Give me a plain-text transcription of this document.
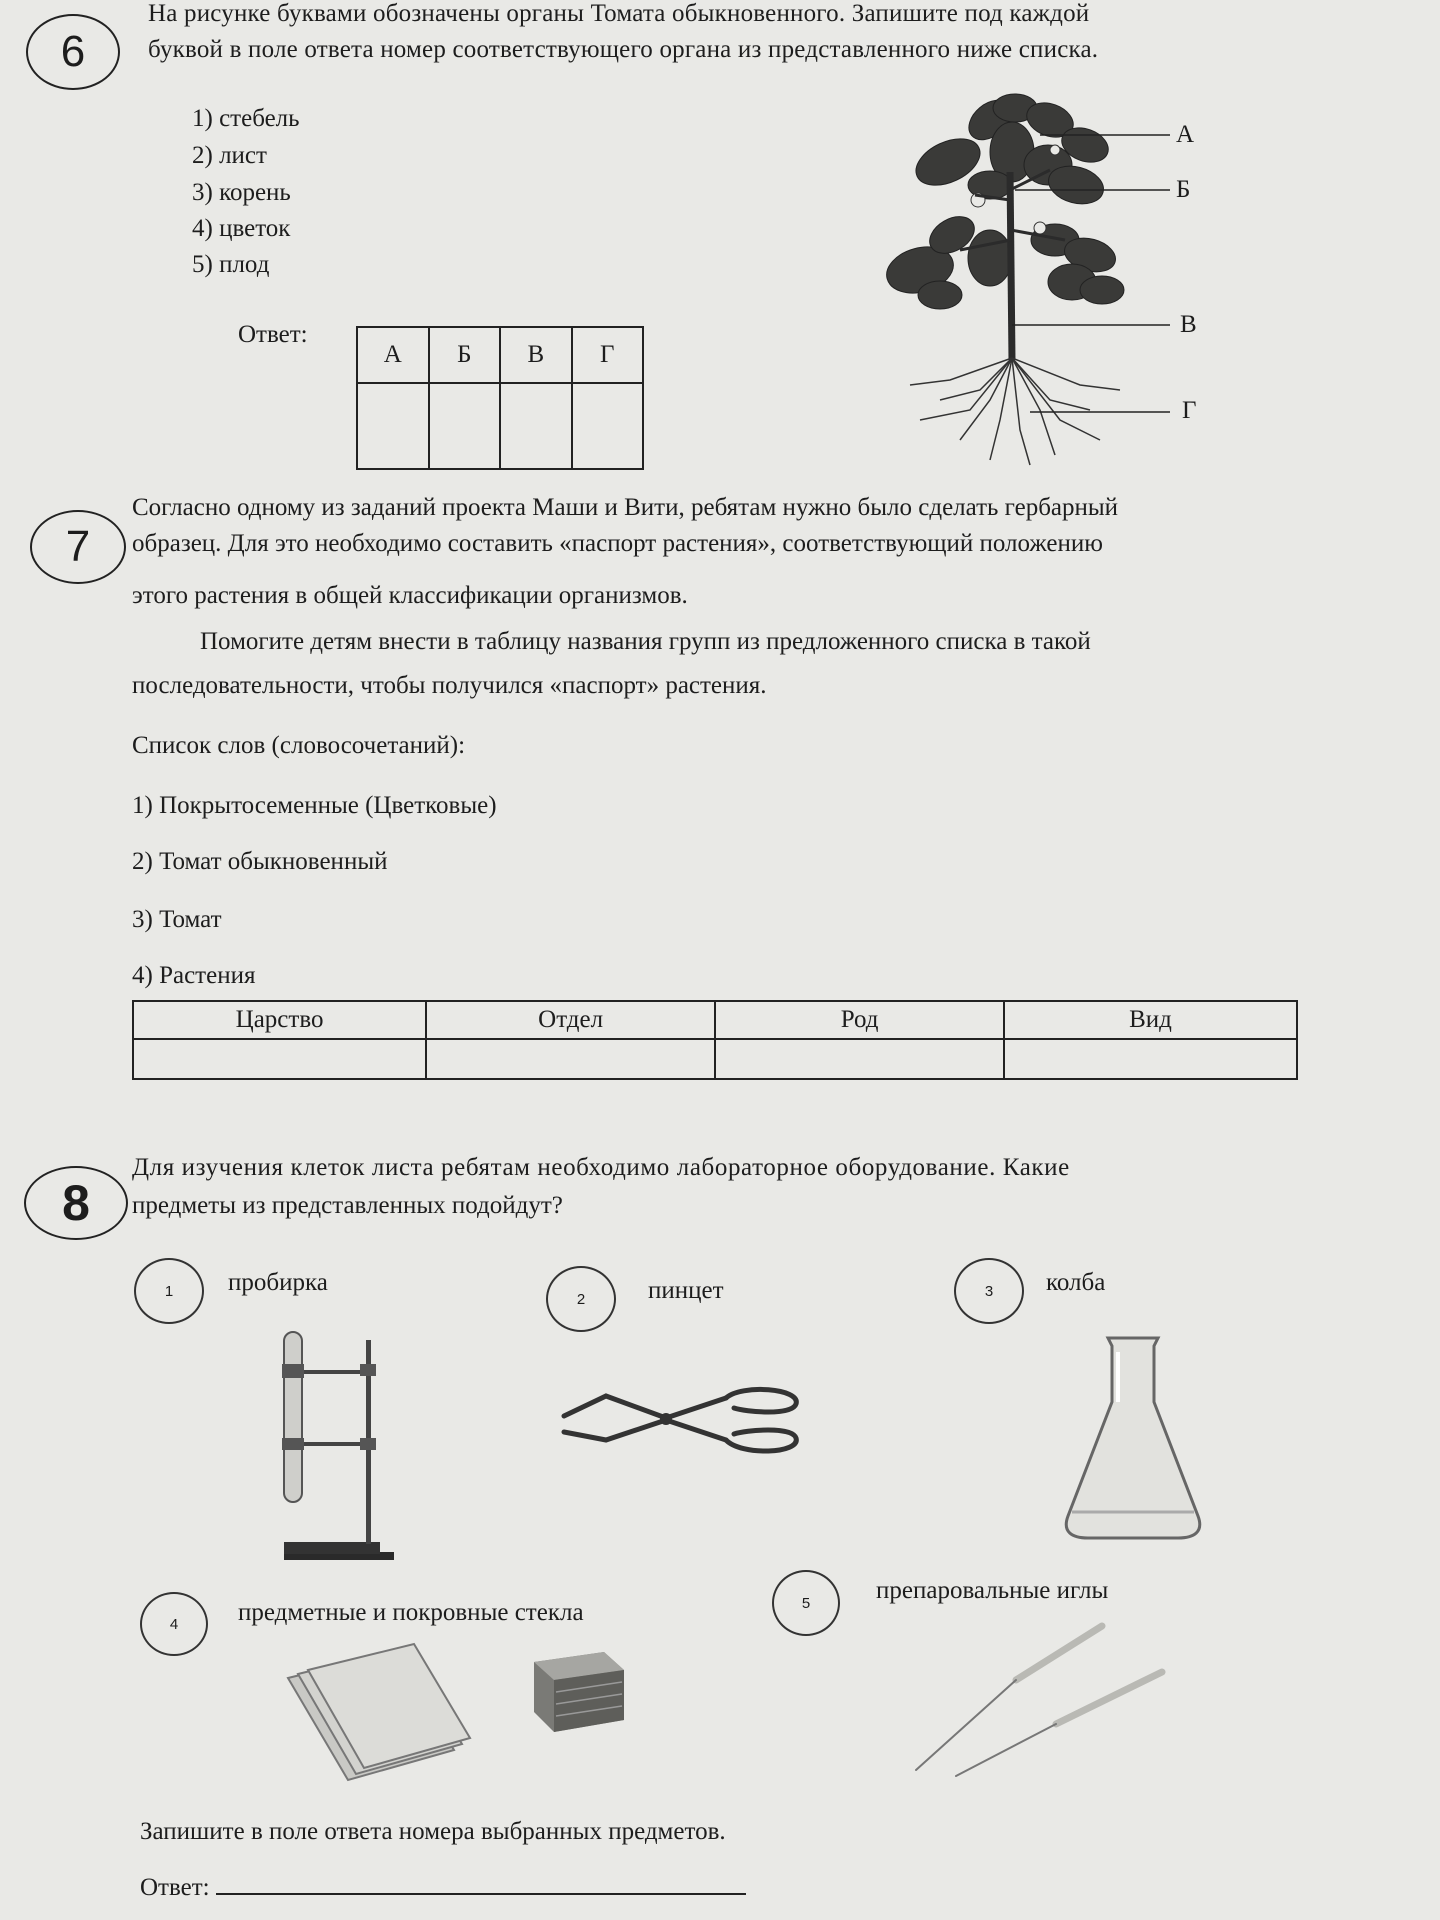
6
На рисунке буквами обозначены органы Томата обыкновенного. Запишите под каждой
буквой в поле ответа номер соответствующего органа из представленного ниже списка.
1) стебель
2) лист
3) корень
4) цветок
5) плод
Ответ:
А	Б	В	Г

А
Б
В
Г
7
Согласно одному из заданий проекта Маши и Вити, ребятам нужно было сделать гербарный
образец. Для это необходимо составить «паспорт растения», соответствующий положению
этого растения в общей классификации организмов.
Помогите детям внести в таблицу названия групп из предложенного списка в такой
последовательности, чтобы получился «паспорт» растения.
Список слов (словосочетаний):
1) Покрытосеменные (Цветковые)
2) Томат обыкновенный
3) Томат
4) Растения
Царство	Отдел	Род	Вид

8
Для изучения клеток листа ребятам необходимо лабораторное оборудование. Какие
предметы из представленных подойдут?
1	пробирка
2	пинцет	3	колба
4	предметные и покровные стекла	5	препаровальные иглы
Запишите в поле ответа номера выбранных предметов.
Ответ:
